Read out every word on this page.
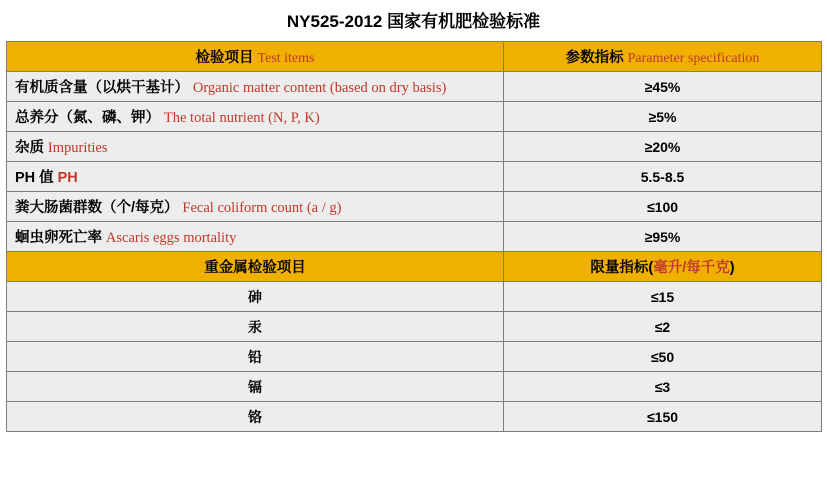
NY525-2012 国家有机肥检验标准
检验项目 Test items	参数指标 Parameter specification
有机质含量（以烘干基计） Organic matter content (based on dry basis)	≥45%
总养分（氮、磷、钾） The total nutrient (N, P, K)	≥5%
杂质 Impurities	≥20%
PH 值 PH	5.5-8.5
粪大肠菌群数（个/每克） Fecal coliform count (a / g)	≤100
蛔虫卵死亡率 Ascaris eggs mortality	≥95%
重金属检验项目	限量指标(毫升/每千克)
砷	≤15
汞	≤2
铅	≤50
镉	≤3
铬	≤150
